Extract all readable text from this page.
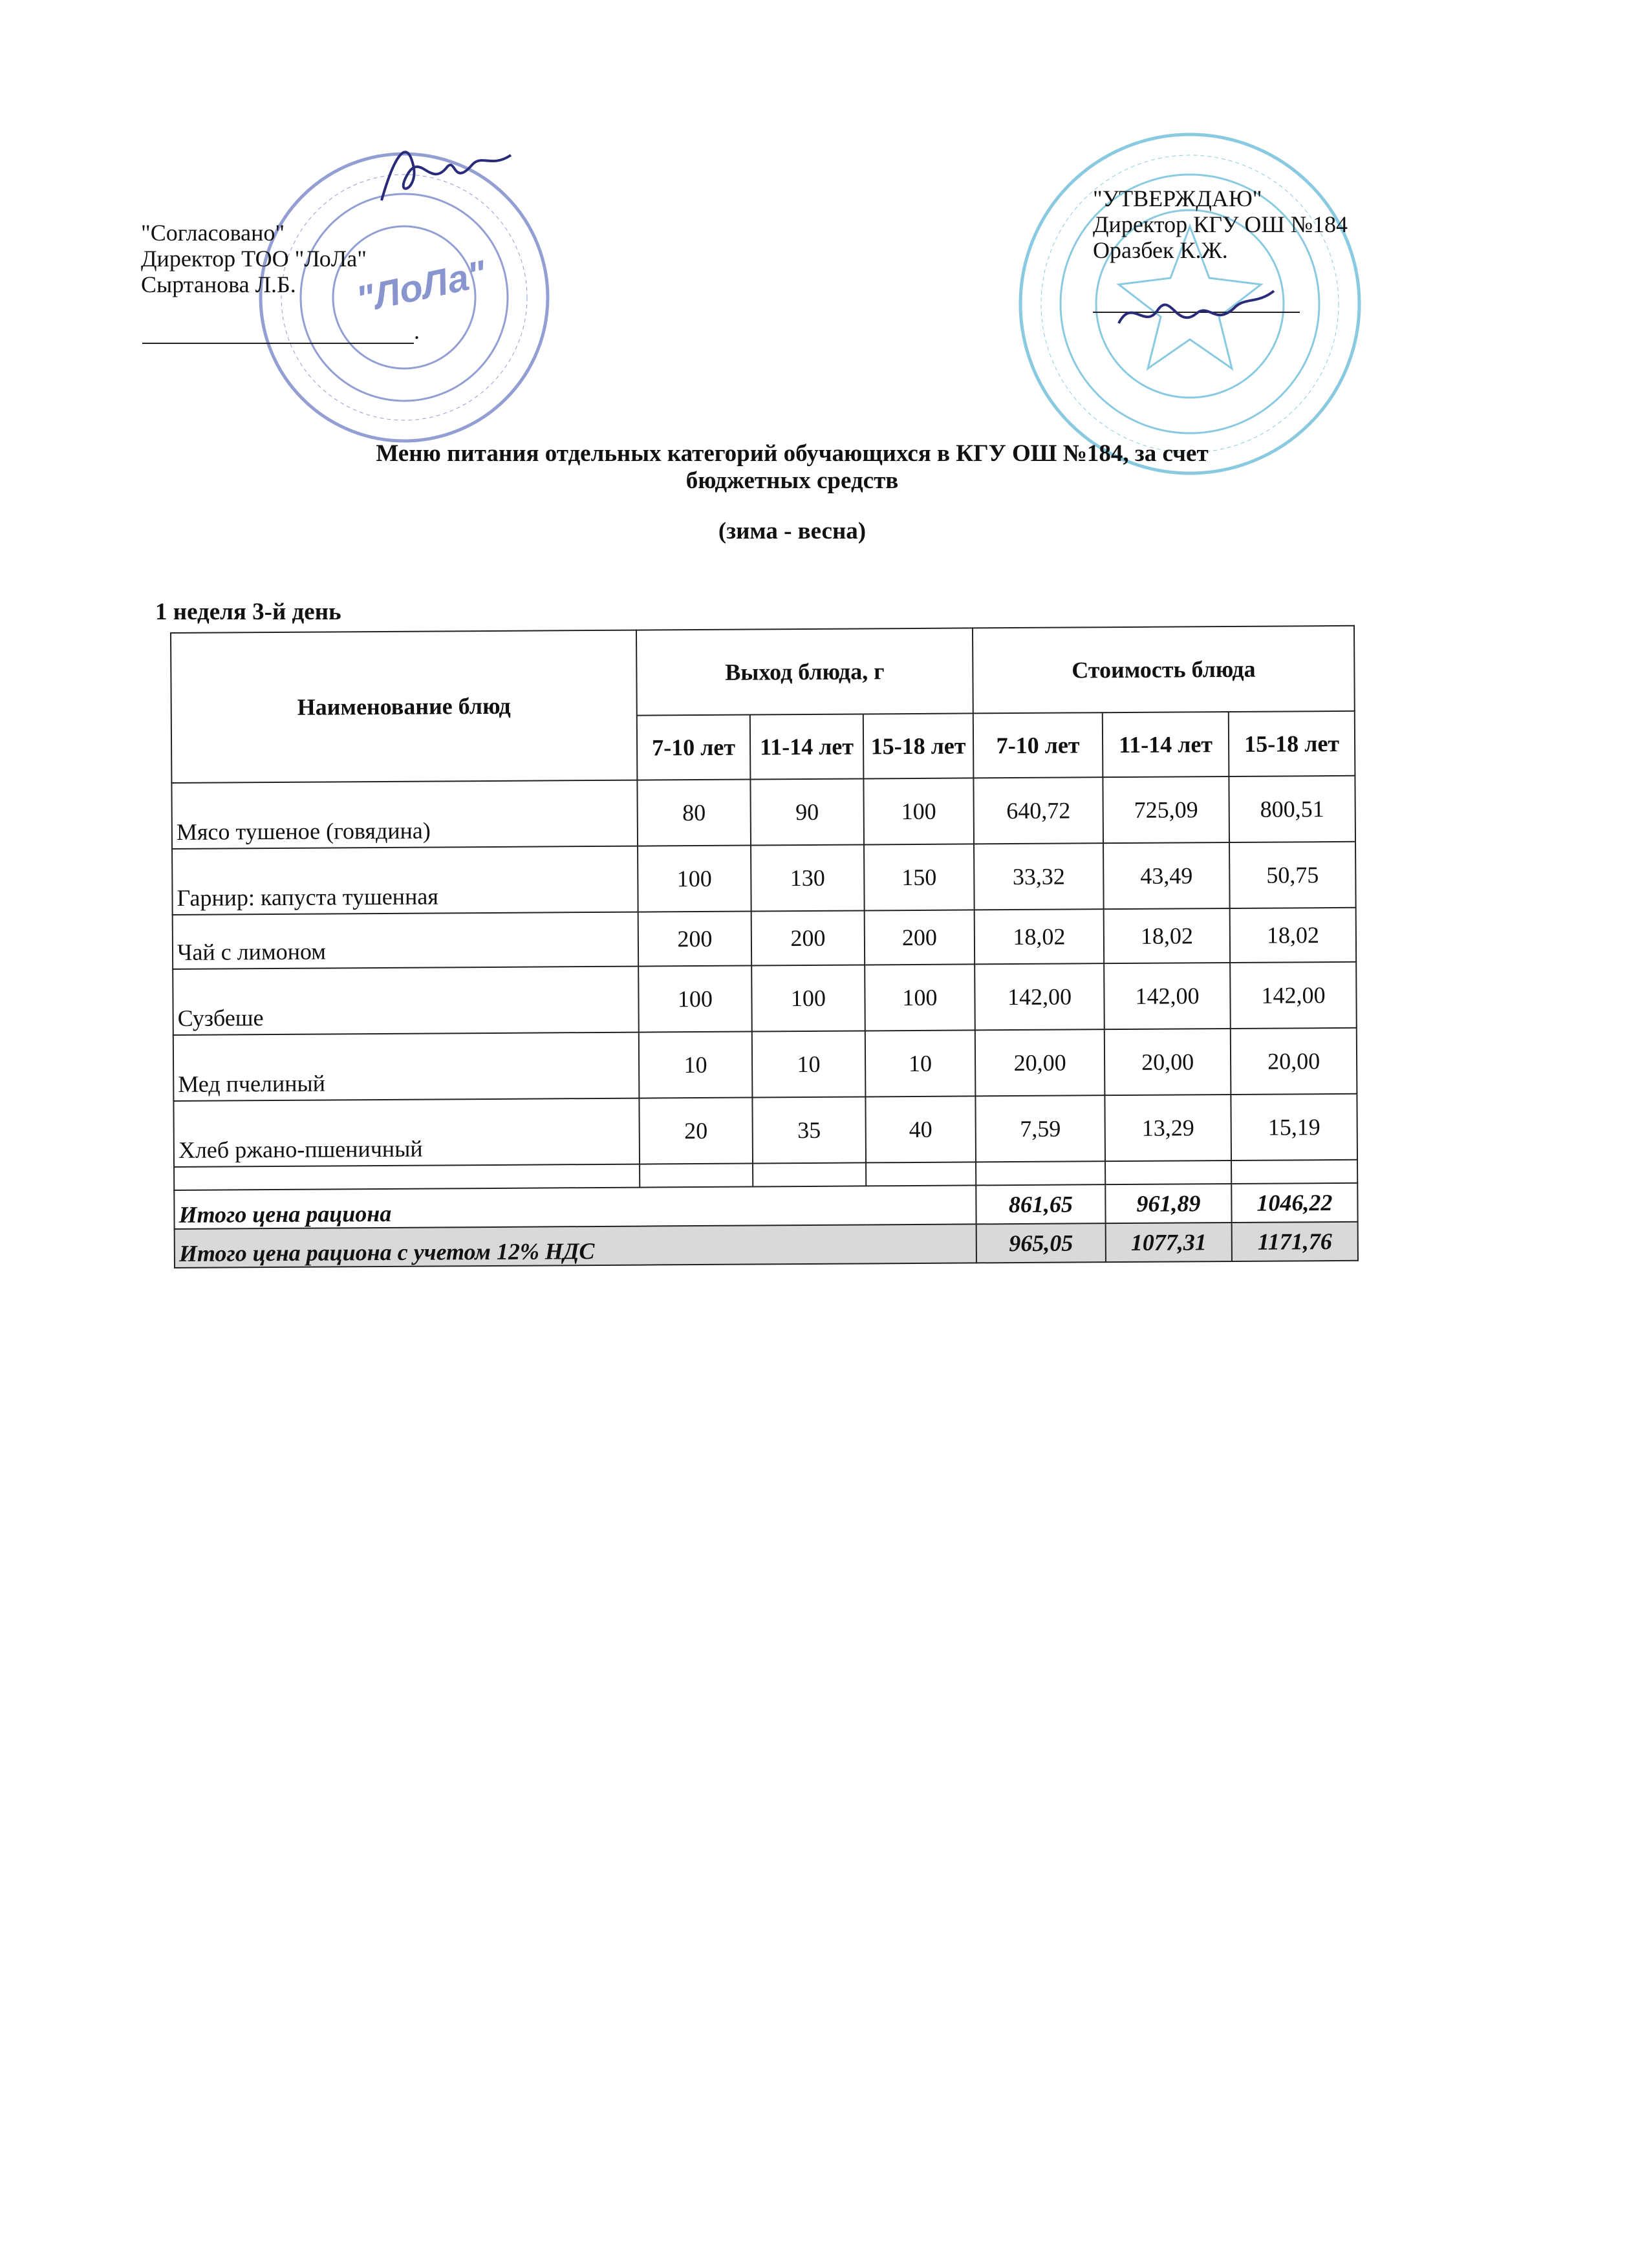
"ЛоЛа"
"Согласовано"
Директор ТОО "ЛоЛа"
Сыртанова Л.Б.
.
"УТВЕРЖДАЮ"
Директор КГУ ОШ №184
Оразбек К.Ж.
Меню питания отдельных категорий обучающихся в КГУ ОШ №184, за счет
бюджетных средств
(зима - весна)
1 неделя 3-й день
Наименование блюд	Выход блюда, г			Стоимость блюда		
	7-10 лет	11-14 лет	15-18 лет	7-10 лет	11-14 лет	15-18 лет
Мясо тушеное (говядина)	80	90	100	640,72	725,09	800,51
Гарнир: капуста тушенная	100	130	150	33,32	43,49	50,75
Чай с лимоном	200	200	200	18,02	18,02	18,02
Сузбеше	100	100	100	142,00	142,00	142,00
Мед пчелиный	10	10	10	20,00	20,00	20,00
Хлеб ржано-пшеничный	20	35	40	7,59	13,29	15,19

Итого цена рациона				861,65	961,89	1046,22
Итого цена рациона с учетом 12% НДС				965,05	1077,31	1171,76
